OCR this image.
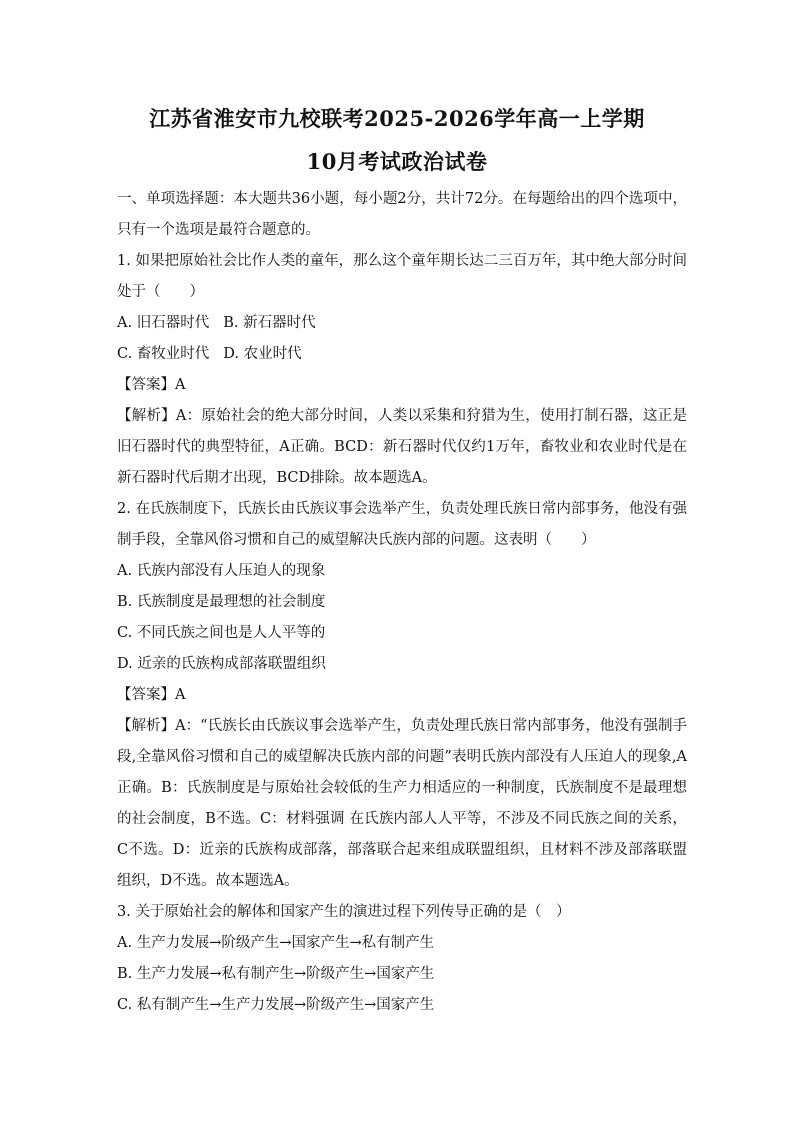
江苏省淮安市九校联考2025-2026学年高一上学期
10月考试政治试卷
一、单项选择题：本大题共36小题，每小题2分，共计72分。在每题给出的四个选项中，只有一个选项是最符合题意的。
1. 如果把原始社会比作人类的童年，那么这个童年期长达二三百万年，其中绝大部分时间处于（　　）
A. 旧石器时代 B. 新石器时代
C. 畜牧业时代 D. 农业时代
【答案】A
【解析】A：原始社会的绝大部分时间，人类以采集和狩猎为生，使用打制石器，这正是旧石器时代的典型特征，A正确。BCD：新石器时代仅约1万年，畜牧业和农业时代是在新石器时代后期才出现，BCD排除。故本题选A。
2. 在氏族制度下，氏族长由氏族议事会选举产生，负责处理氏族日常内部事务，他没有强制手段，全靠风俗习惯和自己的威望解决氏族内部的问题。这表明（　　）
A. 氏族内部没有人压迫人的现象
B. 氏族制度是最理想的社会制度
C. 不同氏族之间也是人人平等的
D. 近亲的氏族构成部落联盟组织
【答案】A
【解析】A：“氏族长由氏族议事会选举产生，负责处理氏族日常内部事务，他没有强制手段,全靠风俗习惯和自己的威望解决氏族内部的问题”表明氏族内部没有人压迫人的现象,A正确。B：氏族制度是与原始社会较低的生产力相适应的一种制度，氏族制度不是最理想的社会制度，B不选。C：材料强调 在氏族内部人人平等，不涉及不同氏族之间的关系，C不选。D：近亲的氏族构成部落，部落联合起来组成联盟组织，且材料不涉及部落联盟组织，D不选。故本题选A。
3. 关于原始社会的解体和国家产生的演进过程下列传导正确的是（　）
A. 生产力发展→阶级产生→国家产生→私有制产生
B. 生产力发展→私有制产生→阶级产生→国家产生
C. 私有制产生→生产力发展→阶级产生→国家产生
